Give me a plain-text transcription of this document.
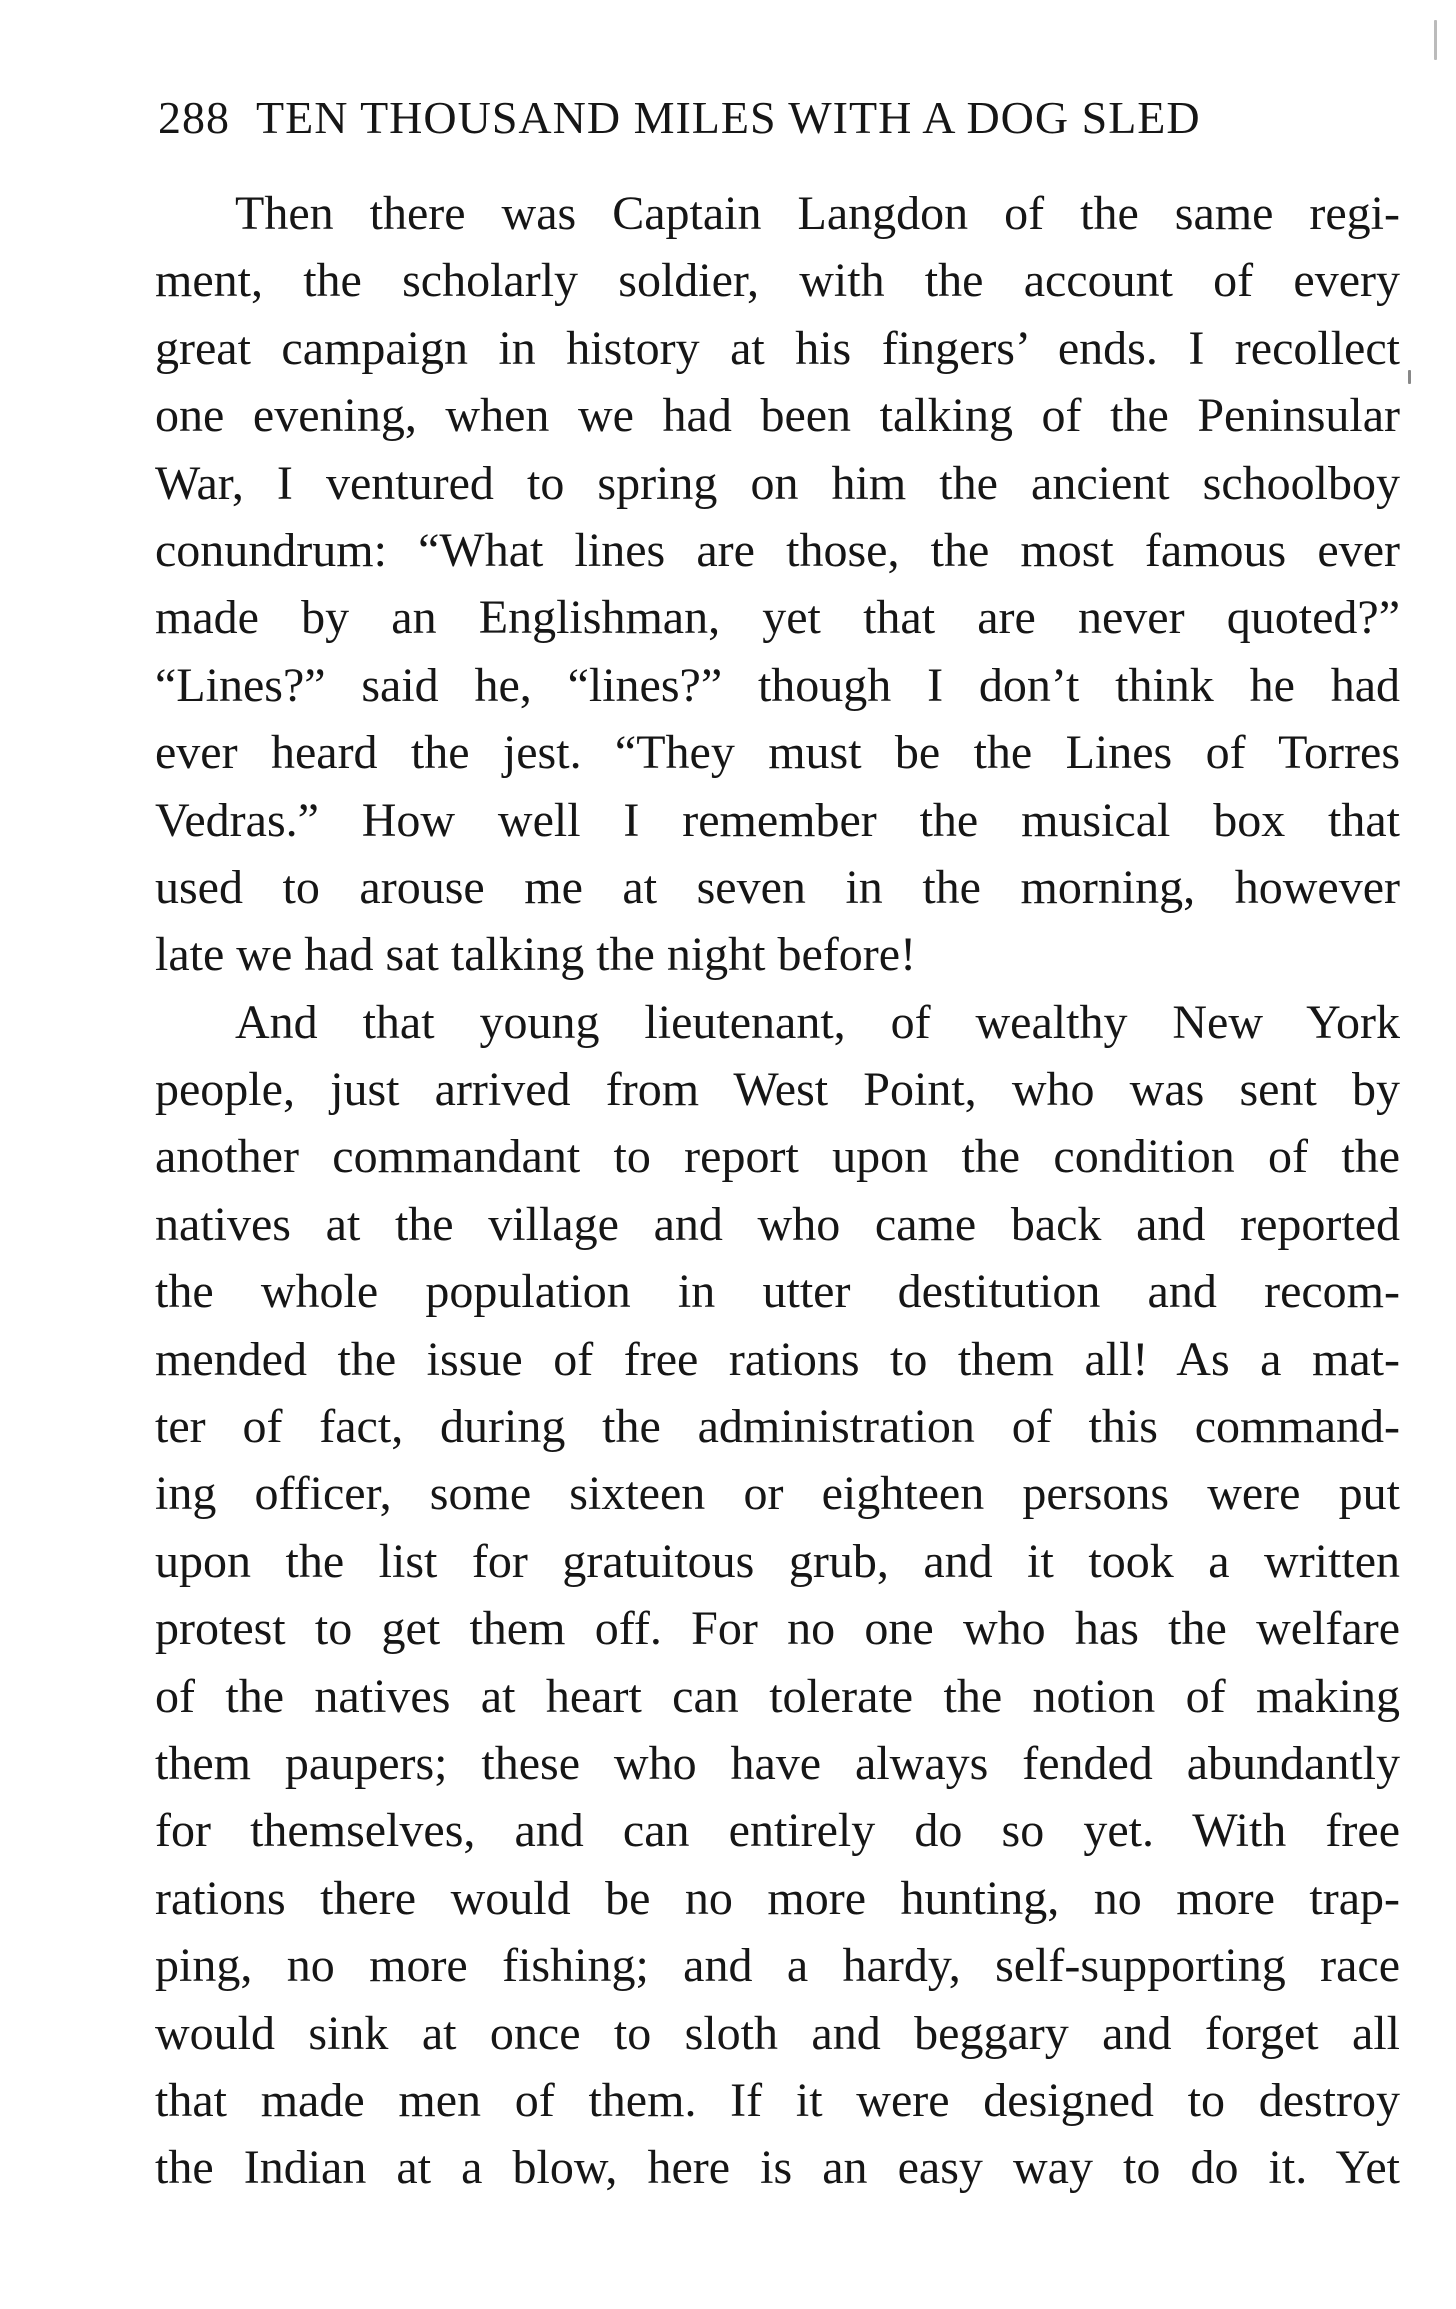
288 TEN THOUSAND MILES WITH A DOG SLED
Then there was Captain Langdon of the same regi-
ment, the scholarly soldier, with the account of every
great campaign in history at his fingers’ ends. I recollect
one evening, when we had been talking of the Peninsular
War, I ventured to spring on him the ancient schoolboy
conundrum: “What lines are those, the most famous ever
made by an Englishman, yet that are never quoted?”
“Lines?” said he, “lines?” though I don’t think he had
ever heard the jest. “They must be the Lines of Torres
Vedras.” How well I remember the musical box that
used to arouse me at seven in the morning, however
late we had sat talking the night before!
And that young lieutenant, of wealthy New York
people, just arrived from West Point, who was sent by
another commandant to report upon the condition of the
natives at the village and who came back and reported
the whole population in utter destitution and recom-
mended the issue of free rations to them all! As a mat-
ter of fact, during the administration of this command-
ing officer, some sixteen or eighteen persons were put
upon the list for gratuitous grub, and it took a written
protest to get them off. For no one who has the welfare
of the natives at heart can tolerate the notion of making
them paupers; these who have always fended abundantly
for themselves, and can entirely do so yet. With free
rations there would be no more hunting, no more trap-
ping, no more fishing; and a hardy, self-supporting race
would sink at once to sloth and beggary and forget all
that made men of them. If it were designed to destroy
the Indian at a blow, here is an easy way to do it. Yet
